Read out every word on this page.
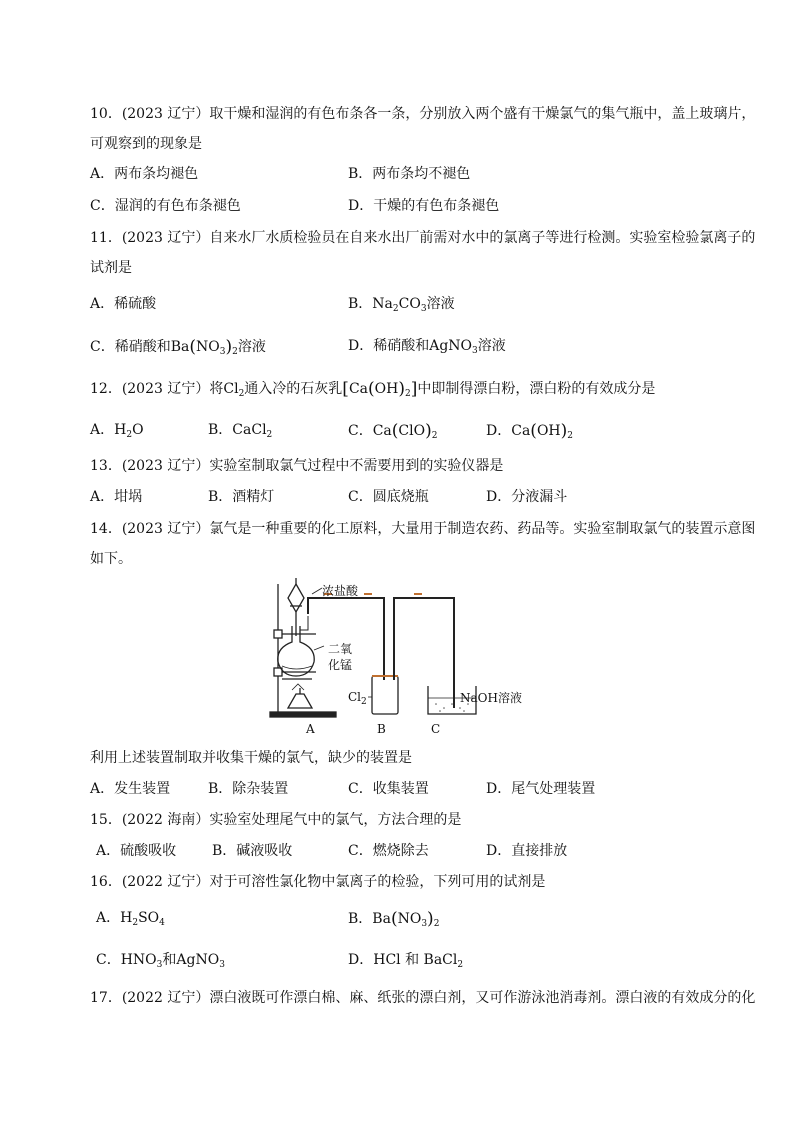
10．(2023 辽宁）取干燥和湿润的有色布条各一条，分别放入两个盛有干燥氯气的集气瓶中，盖上玻璃片，
可观察到的现象是
A．两布条均褪色	B．两布条均不褪色
C．湿润的有色布条褪色	D．干燥的有色布条褪色
11．(2023 辽宁）自来水厂水质检验员在自来水出厂前需对水中的氯离子等进行检测。实验室检验氯离子的
试剂是
A．稀硫酸	B．$Na_2CO_3$溶液
C．稀硝酸和$Ba(NO_3)_2$溶液	D．稀硝酸和AgNO$_3$溶液
12．(2023 辽宁）将$Cl_2$通入冷的石灰乳$[Ca(OH)_2]$中即制得漂白粉，漂白粉的有效成分是
A．$H_2O$	B．CaCl$_2$	C．$Ca(ClO)_2$	D．$Ca(OH)_2$
13．(2023 辽宁）实验室制取氯气过程中不需要用到的实验仪器是
A．坩埚	B．酒精灯	C．圆底烧瓶	D．分液漏斗
14．(2023 辽宁）氯气是一种重要的化工原料，大量用于制造农药、药品等。实验室制取氯气的装置示意图
如下。
浓盐酸
二氧
化锰
$Cl_2$	NaOH溶液
A	B	C
利用上述装置制取并收集干燥的氯气，缺少的装置是
A．发生装置	B．除杂装置	C．收集装置	D．尾气处理装置
15．(2022 海南）实验室处理尾气中的氯气，方法合理的是
A．硫酸吸收	B．碱液吸收	C．燃烧除去	D．直接排放
16．(2022 辽宁）对于可溶性氯化物中氯离子的检验，下列可用的试剂是
A．$H_2SO_4$	B．$Ba(NO_3)_2$
C．$HNO_3$和AgNO$_3$	D．HCl 和 BaCl$_2$
17．(2022 辽宁）漂白液既可作漂白棉、麻、纸张的漂白剂，又可作游泳池消毒剂。漂白液的有效成分的化
